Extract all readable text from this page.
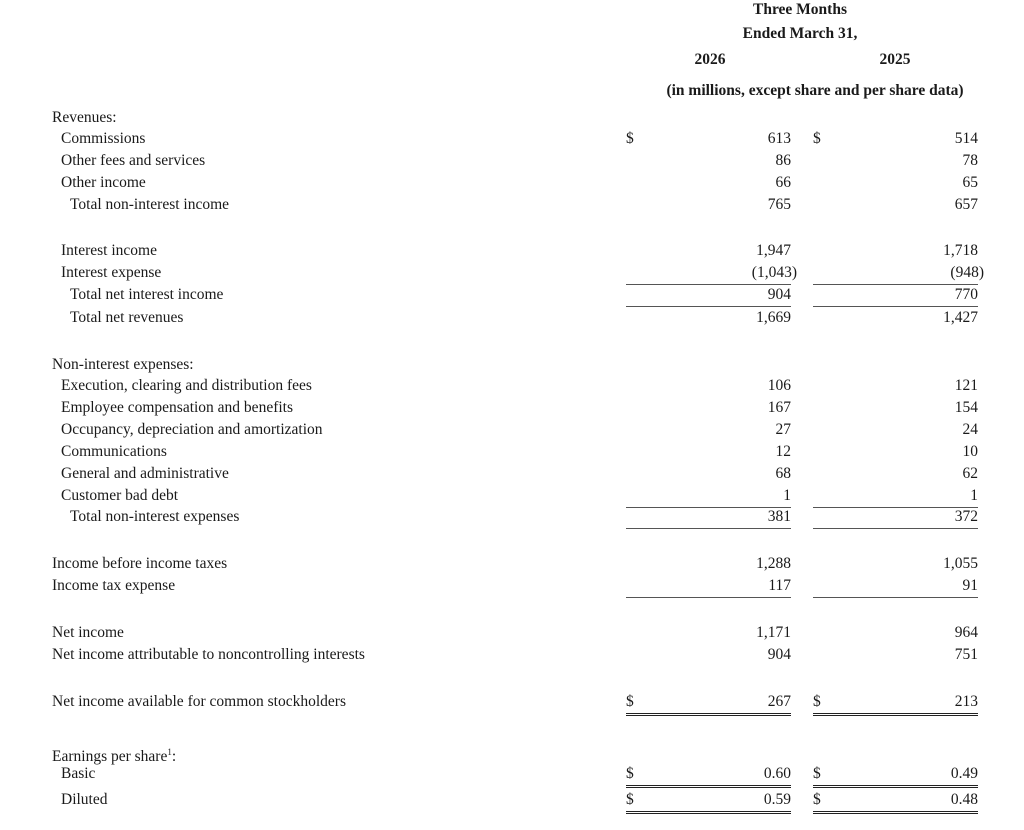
Three Months
Ended March 31,
2026	2025
(in millions, except share and per share data)
Revenues:
Commissions	$	613 $	514
Other fees and services	86	78
Other income	66	65
Total non-interest income	765	657
Interest income	1,947	1,718
Interest expense	(1,043)	(948)
Total net interest income	904	770
Total net revenues	1,669	1,427
Non-interest expenses:
Execution, clearing and distribution fees	106	121
Employee compensation and benefits	167	154
Occupancy, depreciation and amortization	27	24
Communications	12	10
General and administrative	68	62
Customer bad debt	1	1
Total non-interest expenses	381	372
Income before income taxes	1,288	1,055
Income tax expense	117	91
Net income	1,171	964
Net income attributable to noncontrolling interests	904	751
Net income available for common stockholders	$	267 $	213
Earnings per share$^1$:
Basic	$	0.60 $	0.49
Diluted	$	0.59 $	0.48
